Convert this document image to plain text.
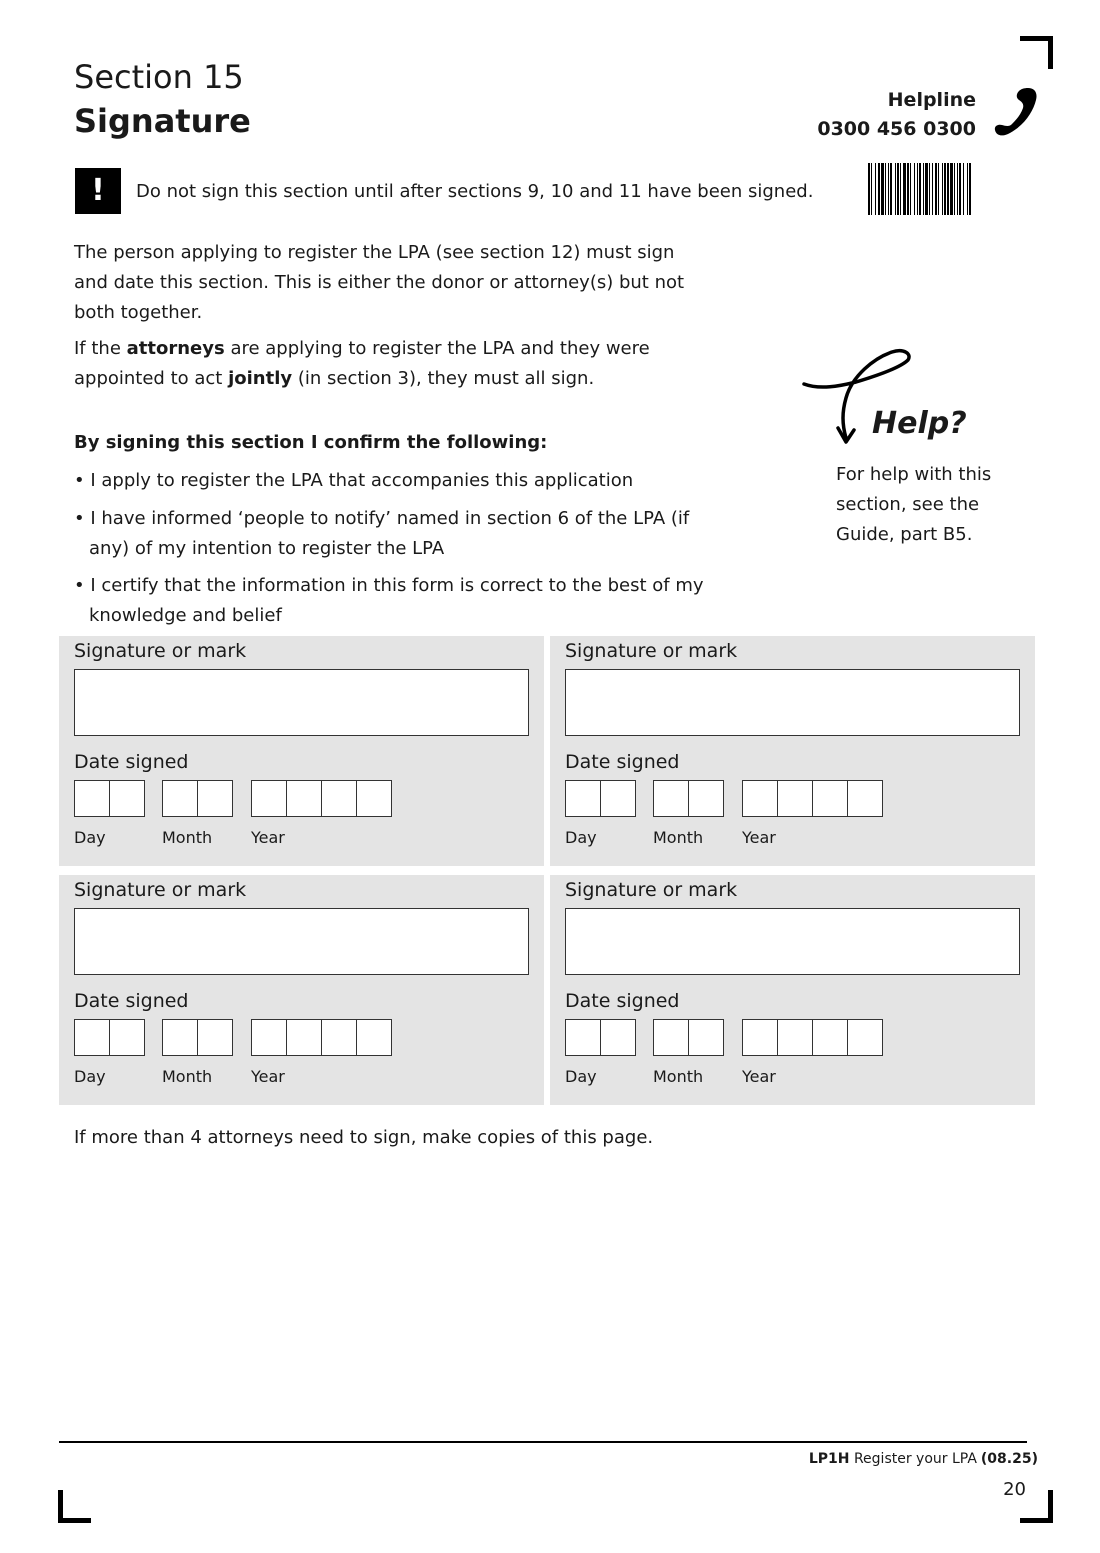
Section 15
Signature
Helpline
0300 456 0300
!	Do not sign this section until after sections 9, 10 and 11 have been signed.
The person applying to register the LPA (see section 12) must sign and date this section. This is either the donor or attorney(s) but not both together.
If the attorneys are applying to register the LPA and they were appointed to act jointly (in section 3), they must all sign.
By signing this section I confirm the following:
• I apply to register the LPA that accompanies this application
• I have informed ‘people to notify’ named in section 6 of the LPA (if any) of my intention to register the LPA
• I certify that the information in this form is correct to the best of my knowledge and belief
Help?
For help with this section, see the Guide, part B5.
Signature or mark
Date signed
Day	Month Year
Signature or mark
Date signed
Day	Month Year
Signature or mark
Date signed
Day	Month Year
Signature or mark
Date signed
Day	Month Year
If more than 4 attorneys need to sign, make copies of this page.
LP1H Register your LPA (08.25)
20
